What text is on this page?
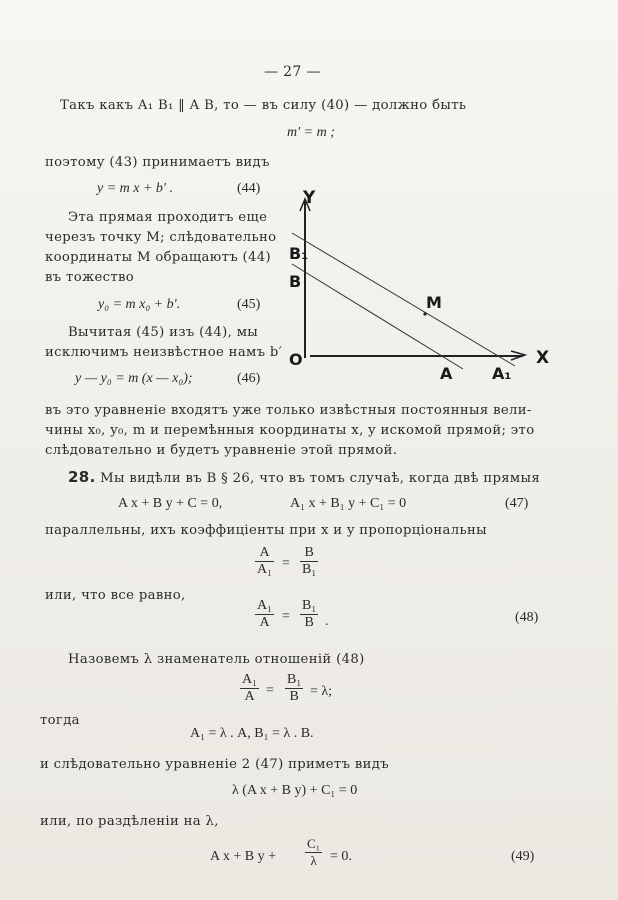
— 27 —
Такъ какъ A₁ B₁ ‖ A B, то — въ силу (40) — должно быть
m′ = m ;
поэтому (43) принимаетъ видъ
y = m x + b′ .	(44)
Эта прямая проходитъ еще
черезъ точку M; слѣдовательно
координаты M обращаютъ (44)
въ тожество
y₀ = m x₀ + b′.	(45)
Вычитая (45) изъ (44), мы
исключимъ неизвѣстное намъ b′
y — y₀ = m (x — x₀);	(46)
Y
X
O
B₁
B
M
A A₁
въ это уравненіе входятъ уже только извѣстныя постоянныя вели-
чины x₀, y₀, m и перемѣнныя координаты x, y искомой прямой; это
слѣдовательно и будетъ уравненіе этой прямой.
28. Мы видѣли въ B § 26, что въ томъ случаѣ, когда двѣ прямыя
A x + B y + C = 0,	A₁ x + B₁ y + C₁ = 0	(47)
параллельны, ихъ коэффиціенты при x и y пропорціональны
$\frac{A}{\text{A₁}} = \frac{B}{\text{B₁}}$
или, что все равно,
$\frac{\text{A₁}}{A} = \frac{\text{B₁}}{B}$ .	(48)
Назовемъ λ знаменатель отношеній (48)
$\frac{\text{A₁}}{A} = \frac{\text{B₁}}{B} = \lambda$;
тогда
A₁ = λ . A, B₁ = λ . B.
и слѣдовательно уравненіе 2 (47) приметъ видъ
λ (A x + B y) + C₁ = 0
или, по раздѣленіи на λ,
A x + B $y + \frac{\text{C₁}}{\lambda} = 0$.	(49)
